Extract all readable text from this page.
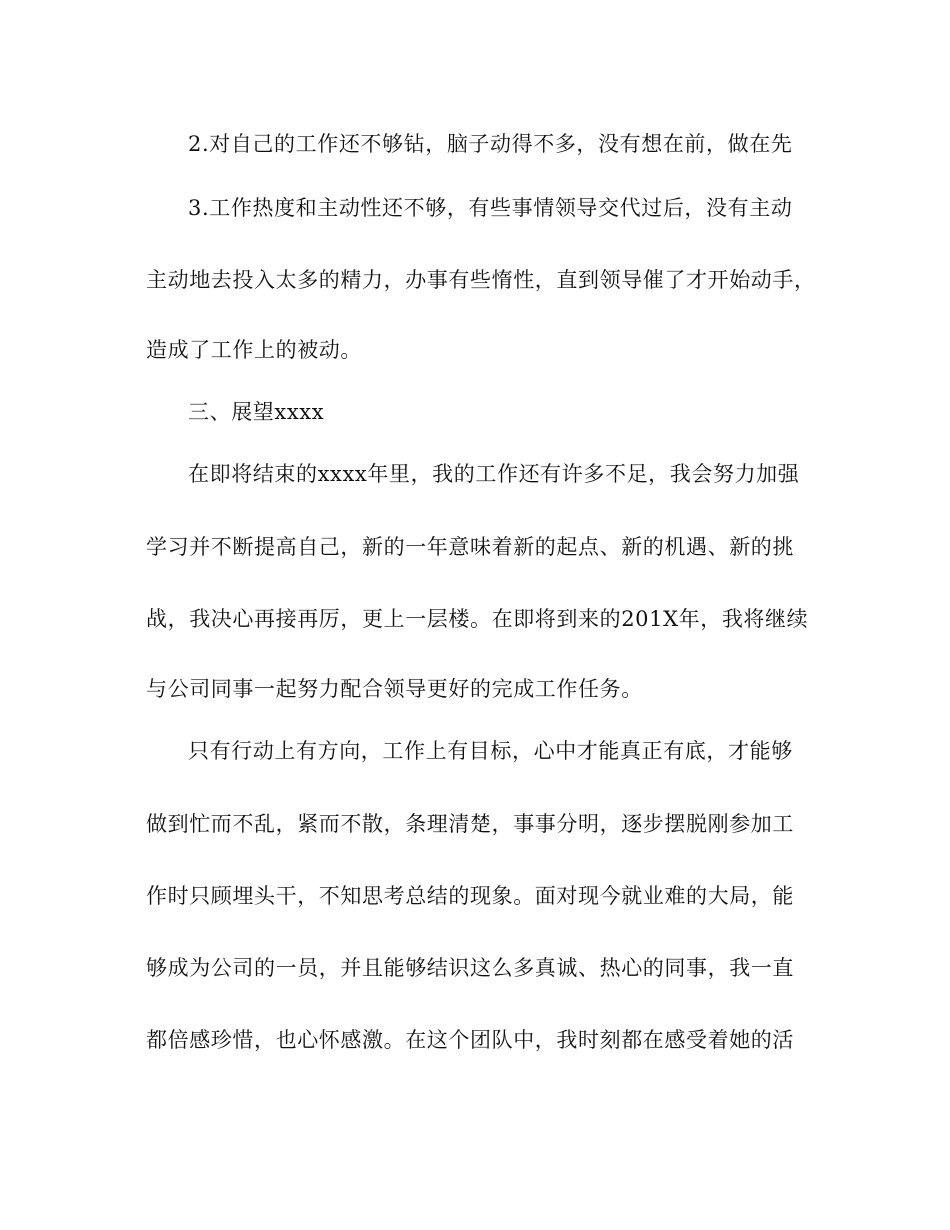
2.对自己的工作还不够钻，脑子动得不多，没有想在前，做在先
3.工作热度和主动性还不够，有些事情领导交代过后，没有主动
主动地去投入太多的精力，办事有些惰性，直到领导催了才开始动手，
造成了工作上的被动。
三、展望xxxx
在即将结束的xxxx年里，我的工作还有许多不足，我会努力加强
学习并不断提高自己，新的一年意味着新的起点、新的机遇、新的挑
战，我决心再接再厉，更上一层楼。在即将到来的201X年，我将继续
与公司同事一起努力配合领导更好的完成工作任务。
只有行动上有方向，工作上有目标，心中才能真正有底，才能够
做到忙而不乱，紧而不散，条理清楚，事事分明，逐步摆脱刚参加工
作时只顾埋头干，不知思考总结的现象。面对现今就业难的大局，能
够成为公司的一员，并且能够结识这么多真诚、热心的同事，我一直
都倍感珍惜，也心怀感激。在这个团队中，我时刻都在感受着她的活
